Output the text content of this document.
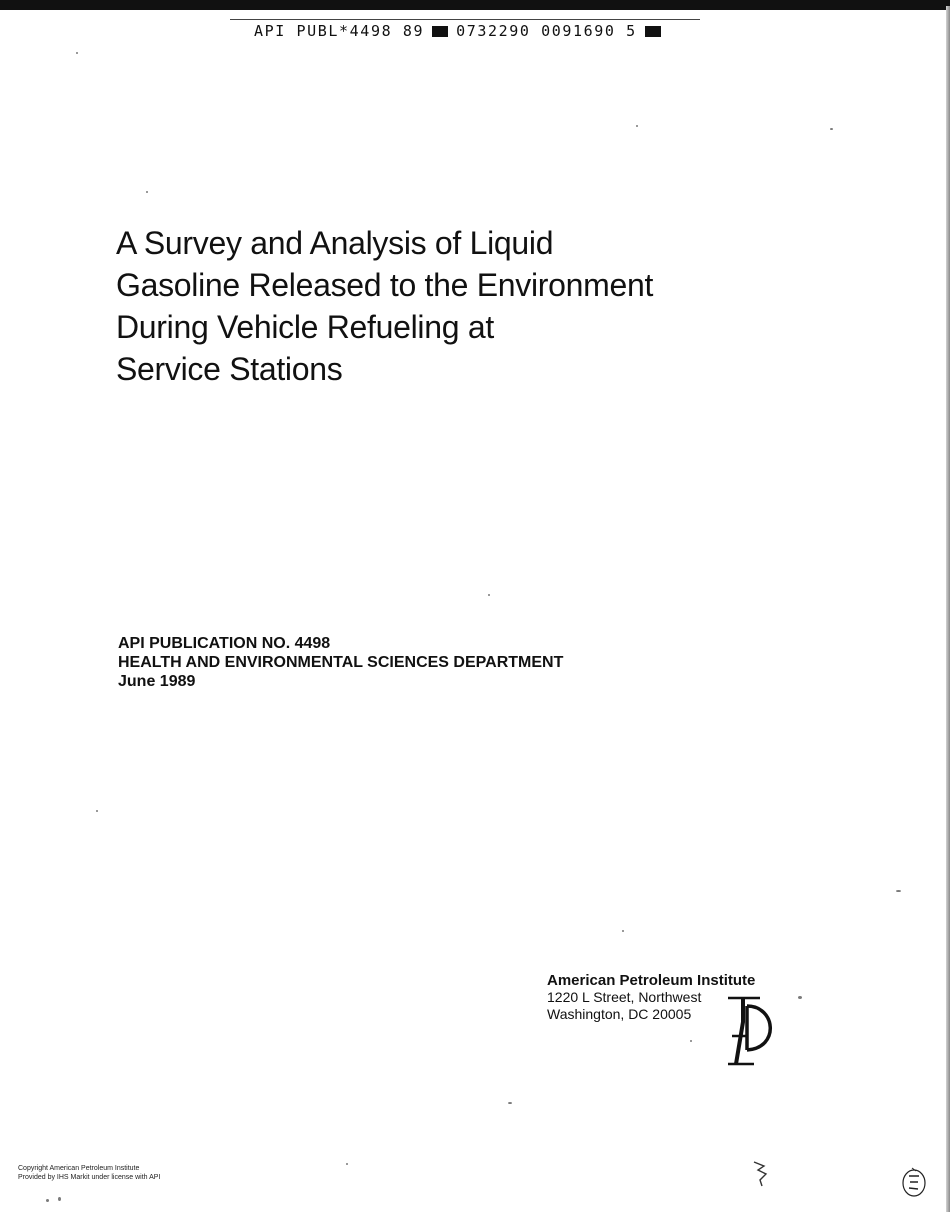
API PUBL*4498 89 0732290 0091690 5
A Survey and Analysis of Liquid
Gasoline Released to the Environment
During Vehicle Refueling at
Service Stations
API PUBLICATION NO. 4498
HEALTH AND ENVIRONMENTAL SCIENCES DEPARTMENT
June 1989
American Petroleum Institute
1220 L Street, Northwest
Washington, DC 20005
Copyright American Petroleum Institute
Provided by IHS Markit under license with API
